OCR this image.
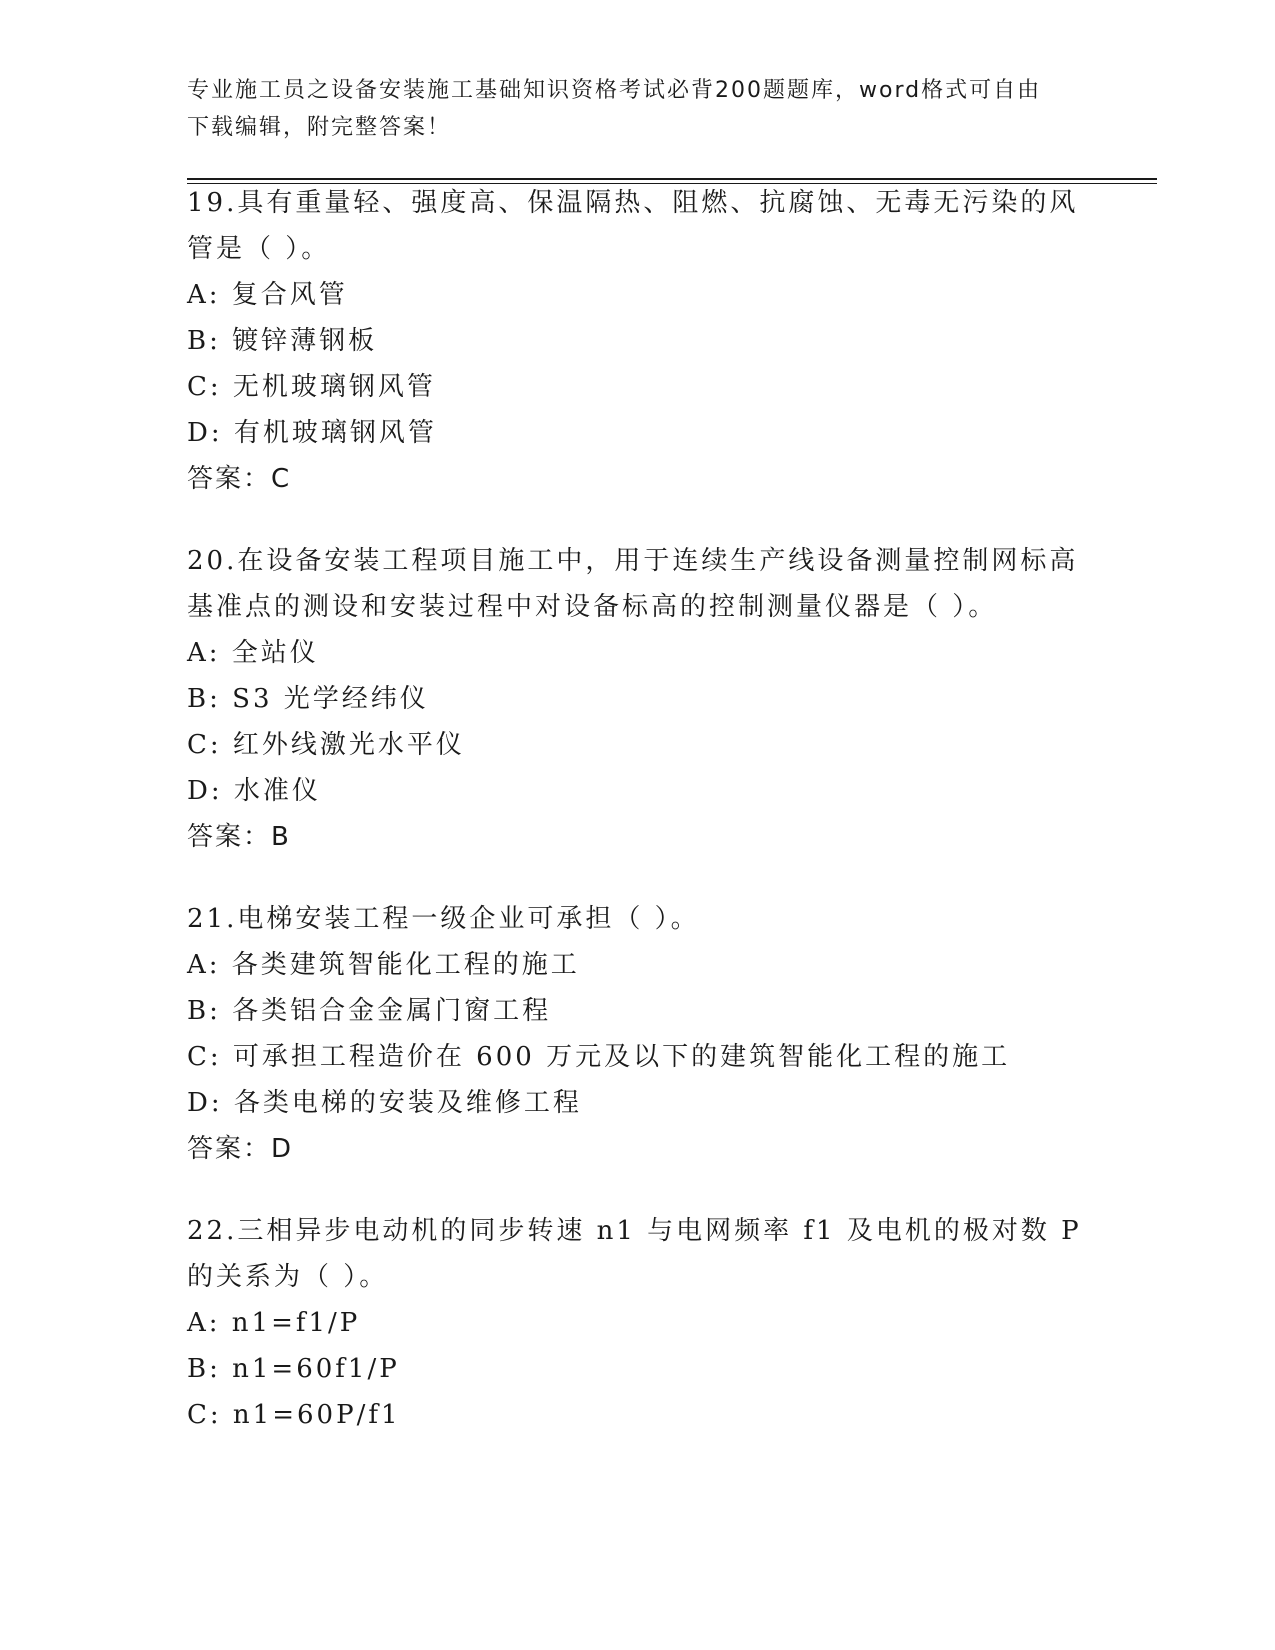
专业施工员之设备安装施工基础知识资格考试必背200题题库，word格式可自由
下载编辑，附完整答案！

19.具有重量轻、强度高、保温隔热、阻燃、抗腐蚀、无毒无污染的风管是（ ）。

A: 复合风管
B: 镀锌薄钢板
C: 无机玻璃钢风管
D: 有机玻璃钢风管
答案：C

20.在设备安装工程项目施工中，用于连续生产线设备测量控制网标高基准点的测设和安装过程中对设备标高的控制测量仪器是（ ）。

A: 全站仪
B: S3 光学经纬仪
C: 红外线激光水平仪
D: 水准仪
答案：B

21.电梯安装工程一级企业可承担（ ）。

A: 各类建筑智能化工程的施工
B: 各类铝合金金属门窗工程
C: 可承担工程造价在 600 万元及以下的建筑智能化工程的施工
D: 各类电梯的安装及维修工程
答案：D

22.三相异步电动机的同步转速 n1 与电网频率 f1 及电机的极对数 P 的关系为（ ）。

A: n1=f1/P
B: n1=60f1/P
C: n1=60P/f1
